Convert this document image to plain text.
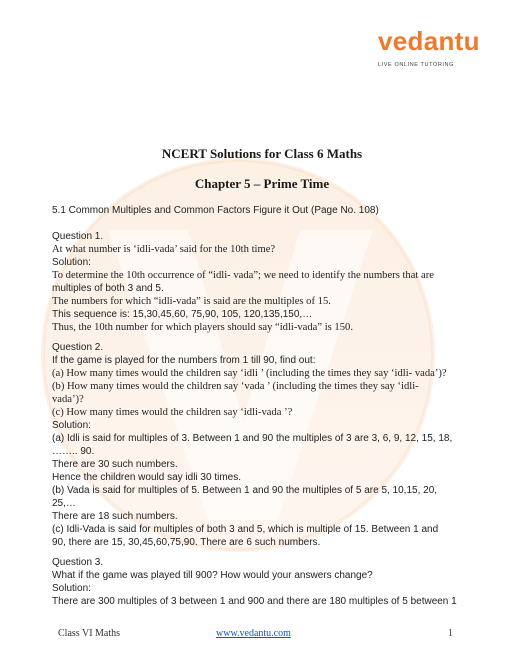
vedantu
LIVE ONLINE TUTORING
NCERT Solutions for Class 6 Maths
Chapter 5 – Prime Time
5.1 Common Multiples and Common Factors Figure it Out (Page No. 108)
Question 1.
At what number is ‘idli-vada’ said for the 10th time?
Solution:
To determine the 10th occurrence of “idli- vada”; we need to identify the numbers that are
multiples of both 3 and 5.
The numbers for which “idli-vada” is said are the multiples of 15.
This sequence is: 15,30,45,60, 75,90, 105, 120,135,150,…
Thus, the 10th number for which players should say “idli-vada” is 150.
Question 2.
If the game is played for the numbers from 1 till 90, find out:
(a) How many times would the children say ‘idli ’ (including the times they say ‘idli- vada’)?
(b) How many times would the children say ‘vada ’ (including the times they say ‘idli-
vada’)?
(c) How many times would the children say ‘idli-vada ’?
Solution:
(a) Idli is said for multiples of 3. Between 1 and 90 the multiples of 3 are 3, 6, 9, 12, 15, 18,
…….. 90.
There are 30 such numbers.
Hence the children would say idli 30 times.
(b) Vada is said for multiples of 5. Between 1 and 90 the multiples of 5 are 5, 10,15, 20,
25,…
There are 18 such numbers.
(c) Idli-Vada is said for multiples of both 3 and 5, which is multiple of 15. Between 1 and
90, there are 15, 30,45,60,75,90. There are 6 such numbers.
Question 3.
What if the game was played till 900? How would your answers change?
Solution:
There are 300 multiples of 3 between 1 and 900 and there are 180 multiples of 5 between 1
Class VI Maths	www.vedantu.com	1
